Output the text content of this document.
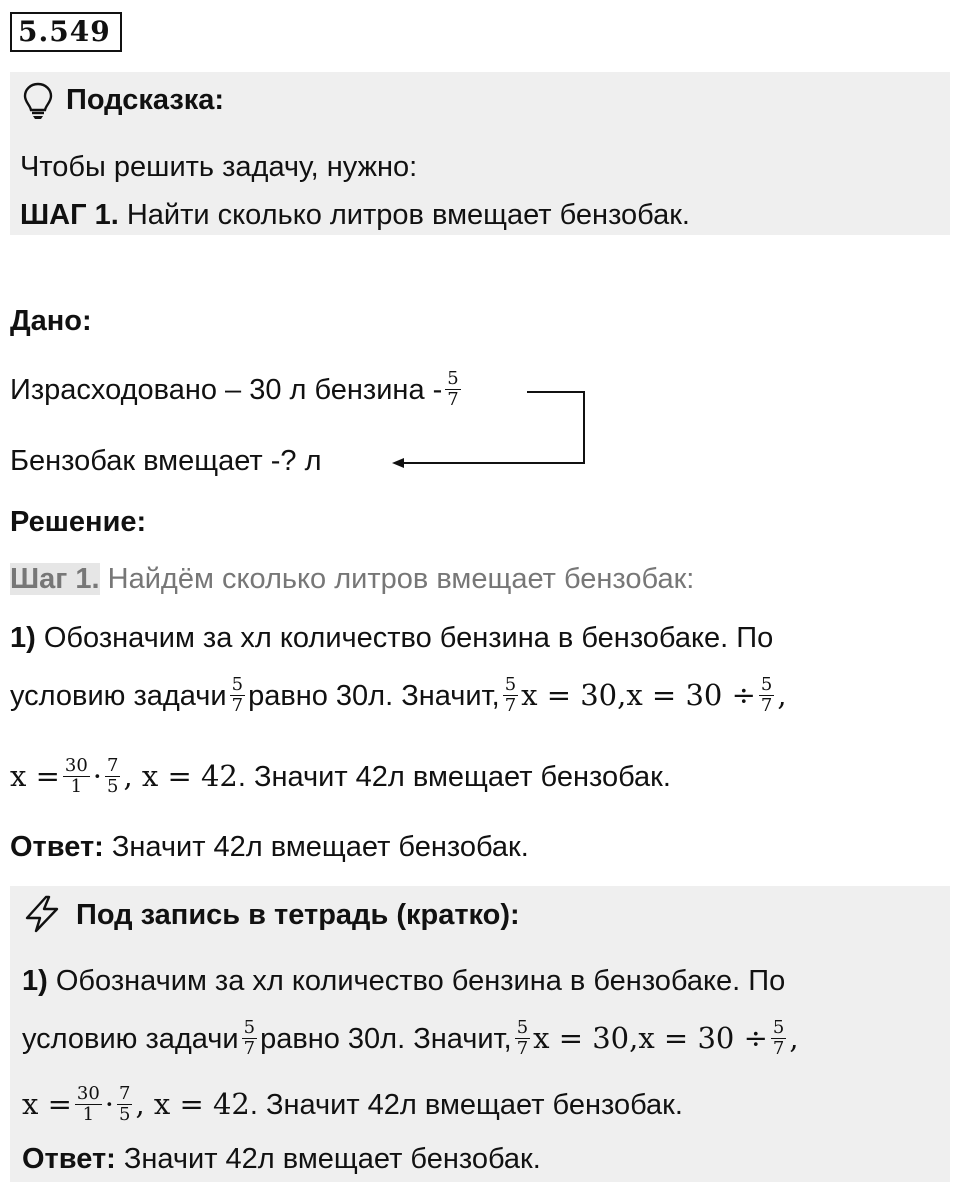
5.549
Подсказка:
Чтобы решить задачу, нужно:
ШАГ 1. Найти сколько литров вмещает бензобак.
Дано:
Израсходовано – 30 л бензина - $\frac{5}{7}$
Бензобак вмещает -? л
Решение:
Шаг 1. Найдём сколько литров вмещает бензобак:
1) Обозначим за хл количество бензина в бензобаке. По
условию задачи $\frac{5}{7}$ равно 30л. Значит, $\frac{5}{7}$ $x = 30,x = 30 \div \frac{5}{7}$ ,
$x = \frac{30}{1} \cdot \frac{7}{5}$ , x = 42. Значит 42л вмещает бензобак.
Ответ: Значит 42л вмещает бензобак.
Под запись в тетрадь (кратко):
1) Обозначим за хл количество бензина в бензобаке. По
условию задачи $\frac{5}{7}$ равно 30л. Значит, $\frac{5}{7}$ $x = 30,x = 30 \div \frac{5}{7}$ ,
$x = \frac{30}{1} \cdot \frac{7}{5}$ , x = 42. Значит 42л вмещает бензобак.
Ответ: Значит 42л вмещает бензобак.
